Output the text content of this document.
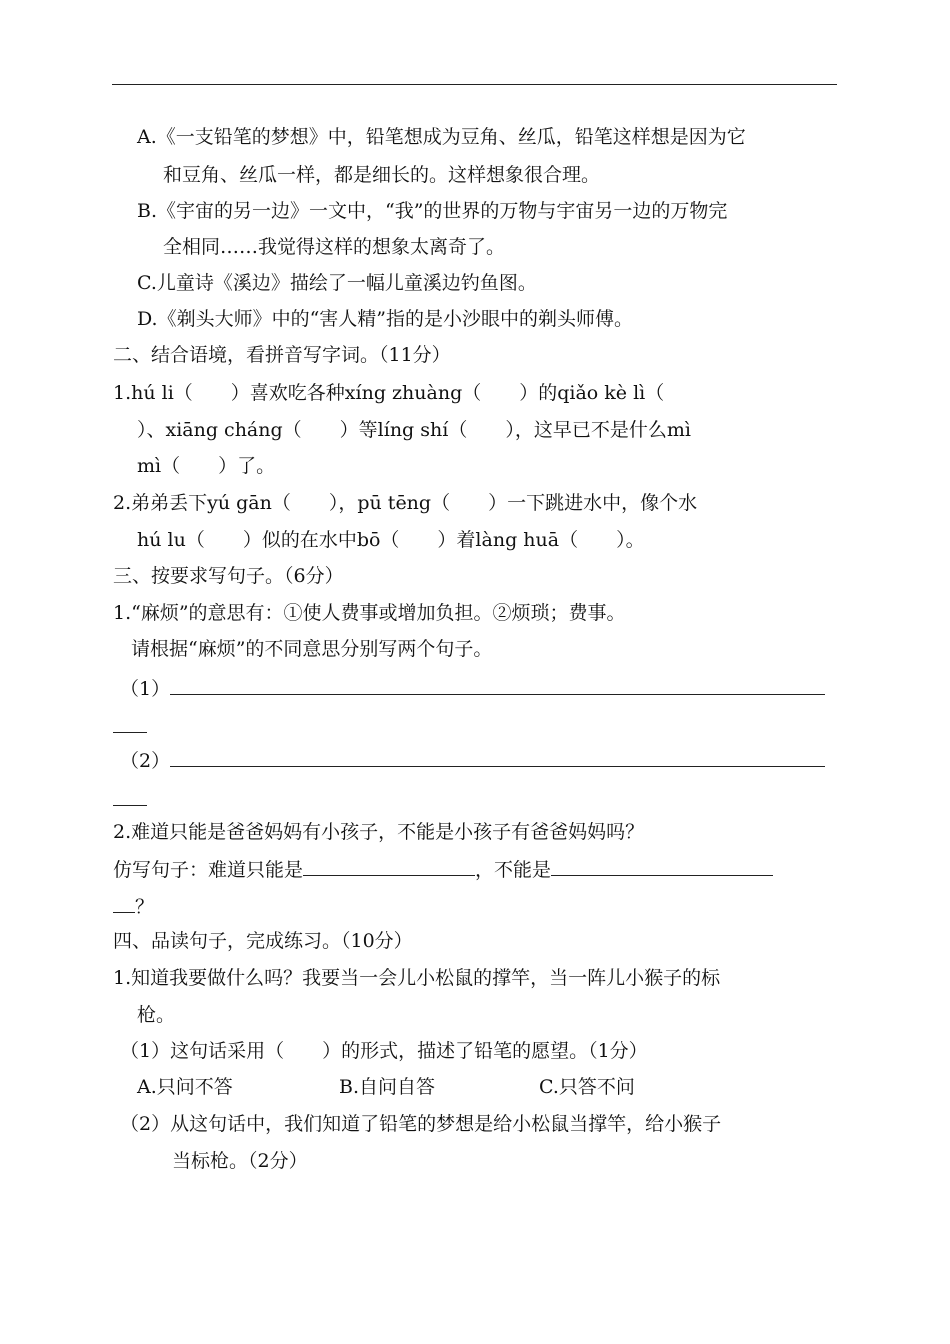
A.《一支铅笔的梦想》中，铅笔想成为豆角、丝瓜，铅笔这样想是因为它
和豆角、丝瓜一样，都是细长的。这样想象很合理。
B.《宇宙的另一边》一文中，“我”的世界的万物与宇宙另一边的万物完
全相同……我觉得这样的想象太离奇了。
C.儿童诗《溪边》描绘了一幅儿童溪边钓鱼图。
D.《剃头大师》中的“害人精”指的是小沙眼中的剃头师傅。
二、结合语境，看拼音写字词。（11分）
1.hú li（　　）喜欢吃各种xíng zhuàng（　　）的qiǎo kè lì（
）、xiāng cháng（　　）等líng shí（　　），这早已不是什么mì
mì（　　）了。
2.弟弟丢下yú gān（　　），pū tēng（　　）一下跳进水中，像个水
hú lu（　　）似的在水中bō（　　）着làng huā（　　）。
三、按要求写句子。（6分）
1.“麻烦”的意思有：①使人费事或增加负担。②烦琐；费事。
请根据“麻烦”的不同意思分别写两个句子。
（1）
（2）
2.难道只能是爸爸妈妈有小孩子，不能是小孩子有爸爸妈妈吗？
仿写句子：难道只能是	，不能是
？
四、品读句子，完成练习。（10分）
1.知道我要做什么吗？我要当一会儿小松鼠的撑竿，当一阵儿小猴子的标
枪。
（1）这句话采用（　　）的形式，描述了铅笔的愿望。（1分）
A.只问不答	B.自问自答	C.只答不问
（2）从这句话中，我们知道了铅笔的梦想是给小松鼠当撑竿，给小猴子
当标枪。（2分）
